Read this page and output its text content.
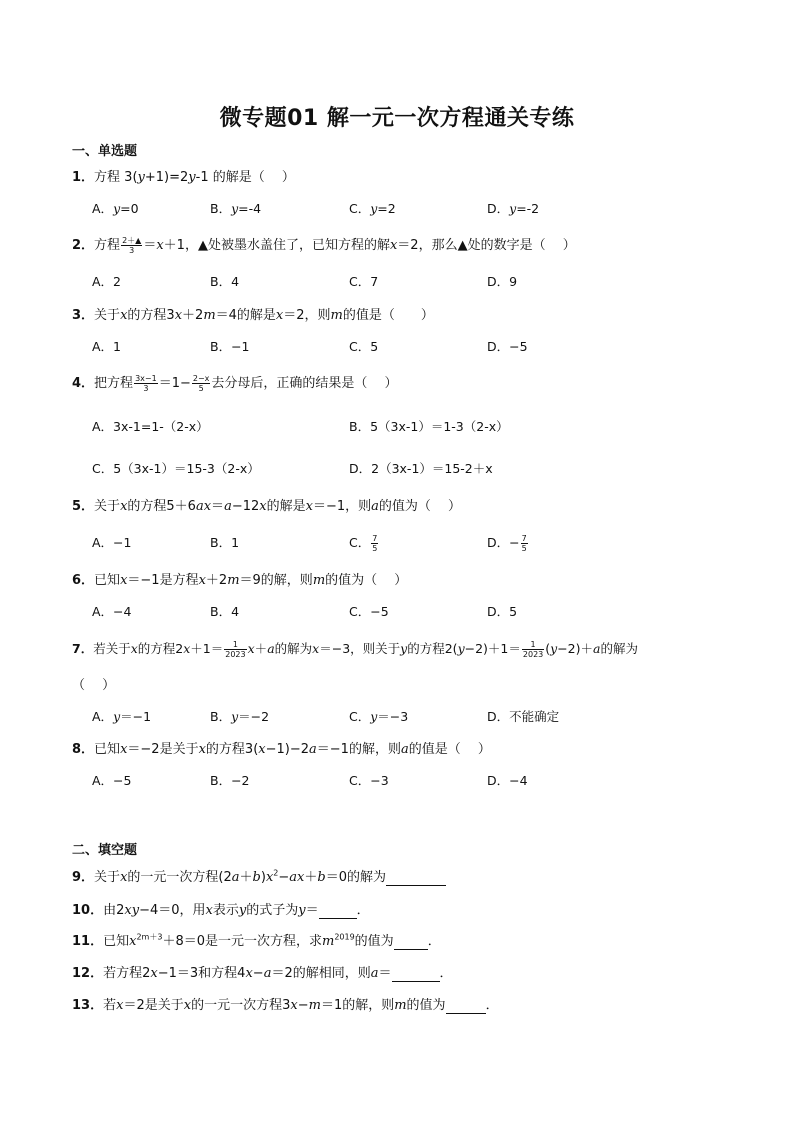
微专题01 解一元一次方程通关专练
一、单选题
1．方程 3(y+1)=2y-1 的解是（　 ）
A．y=0	B．y=-4	C．y=2	D．y=-2
2．方程 $\frac{2+▲}{3} =x+1$，▲处被墨水盖住了，已知方程的解x＝2，那么▲处的数字是（　 ）
A．2	B．4	C．7	D．9
3．关于x的方程3x＋2m＝4的解是x＝2，则m的值是（　　）
A．1	B．−1	C．5	D．−5
4．把方程 $\frac{3x-1}{3} =1- \frac{2-x}{5}$ 去分母后，正确的结果是（　 ）
A．3x-1=1-（2-x）	B．5（3x-1）＝1-3（2-x）
C．5（3x-1）＝15-3（2-x）	D．2（3x-1）＝15-2＋x
5．关于x的方程5＋6ax＝a−12x的解是x＝−1，则a的值为（　 ）
A．−1	B．1	C． $\frac{7}{5}$	D．− $\frac{7}{5}$
6．已知x＝−1是方程x＋2m＝9的解，则m的值为（　 ）
A．−4	B．4	C．−5	D．5
7．若关于x的方程$2x+1= \frac{1}{2023} x+a$的解为x＝−3，则关于y的方程$2(y-2)+1= \frac{1}{2023} (y-2)+a$的解为
（　 ）
A．y＝−1	B．y＝−2	C．y＝−3	D．不能确定
8．已知x＝−2是关于x的方程3(x−1)−2a＝−1的解，则a的值是（　 ）
A．−5	B．−2	C．−3	D．−4
二、填空题
9．关于x的一元一次方程$(2a+b)x^2-ax+b=0$的解为
10．由2xy−4＝0，用x表示y的式子为y＝	．
11．已知$x^{2m+3}+8=0$是一元一次方程，求$m^{2019}$的值为	．
12．若方程2x−1＝3和方程4x−a＝2的解相同，则a＝	．
13．若x＝2是关于x的一元一次方程3x−m＝1的解，则m的值为	．
